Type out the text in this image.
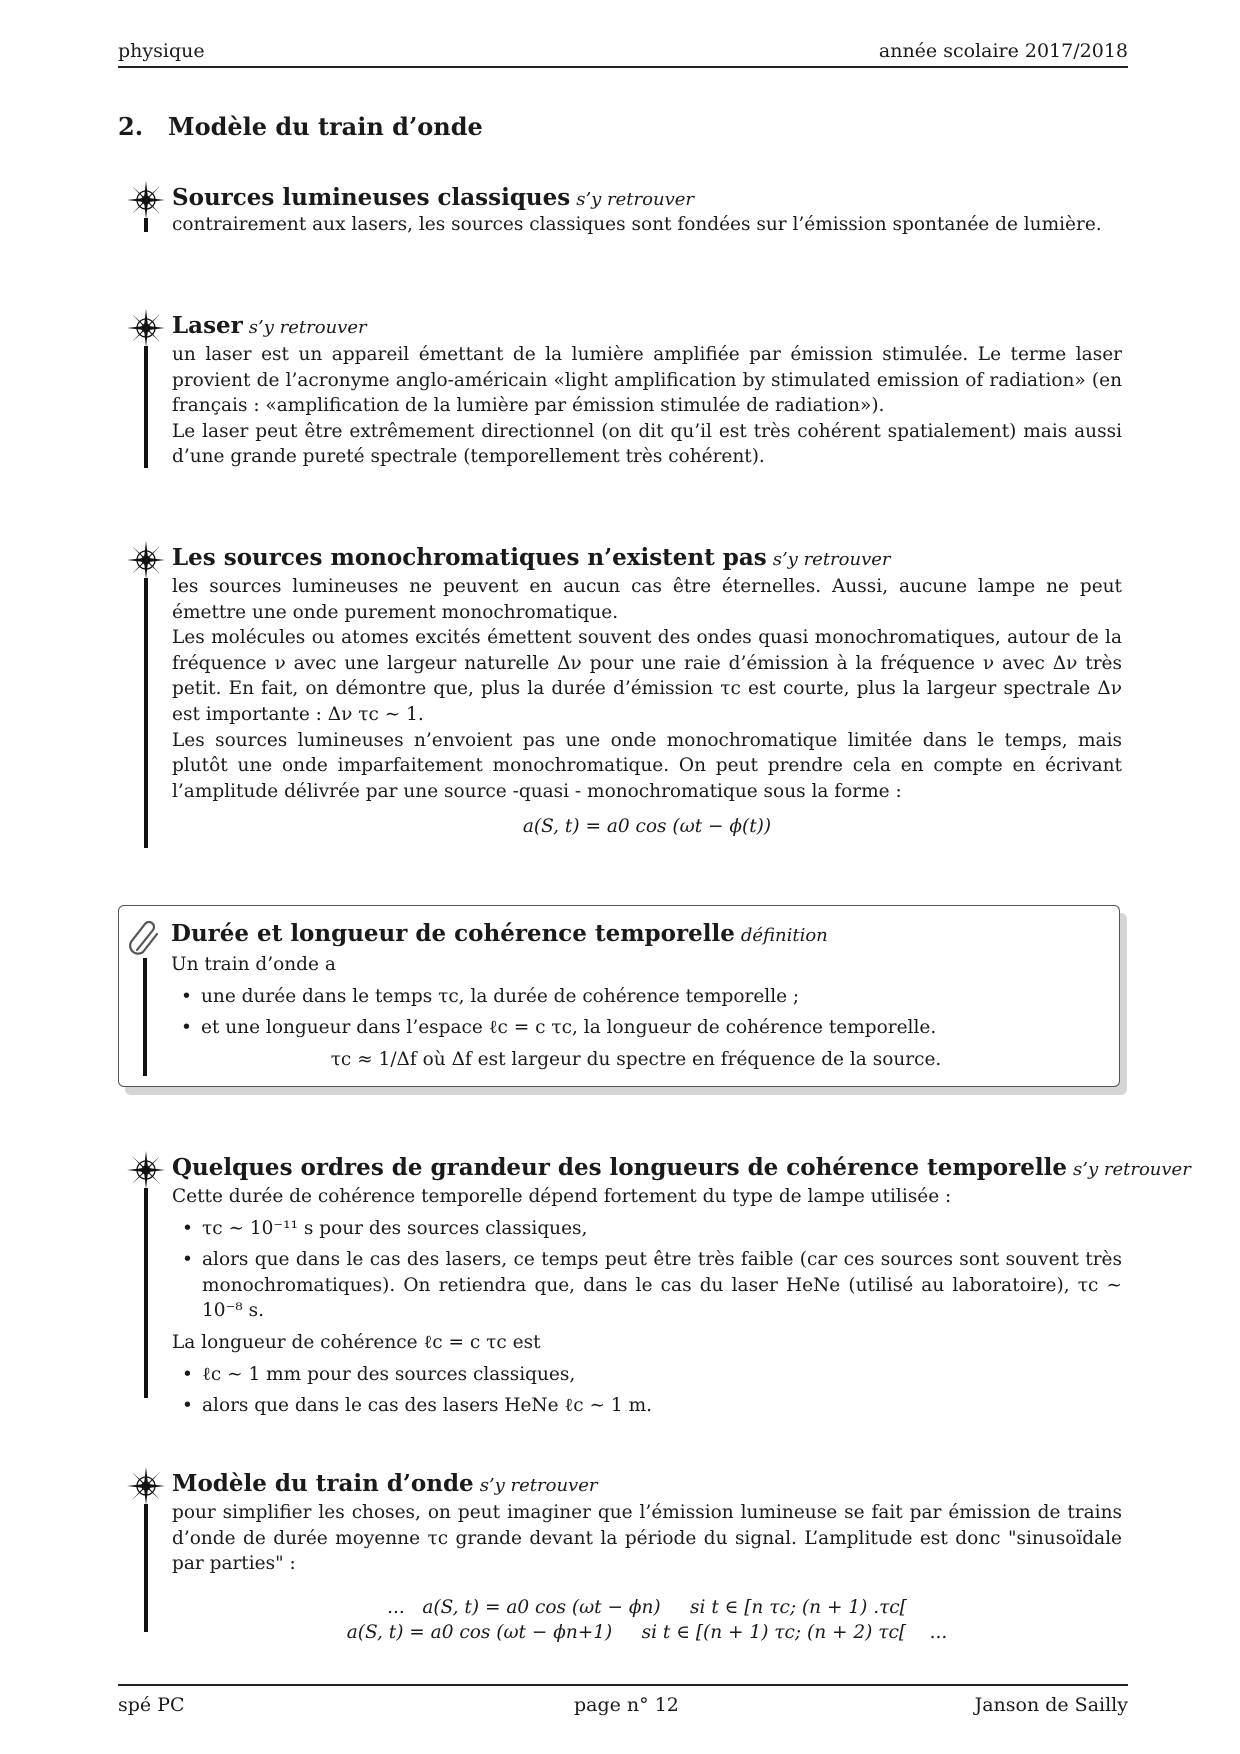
physique	année scolaire 2017/2018
2. Modèle du train d’onde
Sources lumineuses classiques s’y retrouver

contrairement aux lasers, les sources classiques sont fondées sur l’émission spontanée de lumière.

Laser s’y retrouver

un laser est un appareil émettant de la lumière amplifiée par émission stimulée. Le terme laser provient de l’acronyme anglo-américain «light amplification by stimulated emission of radiation» (en français : «amplification de la lumière par émission stimulée de radiation»).

Le laser peut être extrêmement directionnel (on dit qu’il est très cohérent spatialement) mais aussi d’une grande pureté spectrale (temporellement très cohérent).

Les sources monochromatiques n’existent pas s’y retrouver

les sources lumineuses ne peuvent en aucun cas être éternelles. Aussi, aucune lampe ne peut émettre une onde purement monochromatique.

Les molécules ou atomes excités émettent souvent des ondes quasi monochromatiques, autour de la fréquence ν avec une largeur naturelle Δν pour une raie d’émission à la fréquence ν avec Δν très petit. En fait, on démontre que, plus la durée d’émission τc est courte, plus la largeur spectrale Δν est importante : Δν τc ∼ 1.

Les sources lumineuses n’envoient pas une onde monochromatique limitée dans le temps, mais plutôt une onde imparfaitement monochromatique. On peut prendre cela en compte en écrivant l’amplitude délivrée par une source -quasi - monochromatique sous la forme :

a(S, t) = a0 cos (ωt − ϕ(t))

Durée et longueur de cohérence temporelle définition

Un train d’onde a

• une durée dans le temps τc, la durée de cohérence temporelle ;
• et une longueur dans l’espace ℓc = c τc, la longueur de cohérence temporelle.

τc ≈ 1/Δf où Δf est largeur du spectre en fréquence de la source.

Quelques ordres de grandeur des longueurs de cohérence temporelle s’y retrouver

Cette durée de cohérence temporelle dépend fortement du type de lampe utilisée :

• τc ∼ 10⁻¹¹ s pour des sources classiques,
• alors que dans le cas des lasers, ce temps peut être très faible (car ces sources sont souvent très monochromatiques). On retiendra que, dans le cas du laser HeNe (utilisé au laboratoire), τc ∼ 10⁻⁸ s.

La longueur de cohérence ℓc = c τc est

• ℓc ∼ 1 mm pour des sources classiques,
• alors que dans le cas des lasers HeNe ℓc ∼ 1 m.
Modèle du train d’onde s’y retrouver

pour simplifier les choses, on peut imaginer que l’émission lumineuse se fait par émission de trains d’onde de durée moyenne τc grande devant la période du signal. L’amplitude est donc "sinusoïdale par parties" :

...   a(S, t) = a0 cos (ωt − ϕn)     si t ∈ [n τc; (n + 1) .τc[

a(S, t) = a0 cos (ωt − ϕn+1)     si t ∈ [(n + 1) τc; (n + 2) τc[    ...

spé PC	page n° 12	Janson de Sailly
